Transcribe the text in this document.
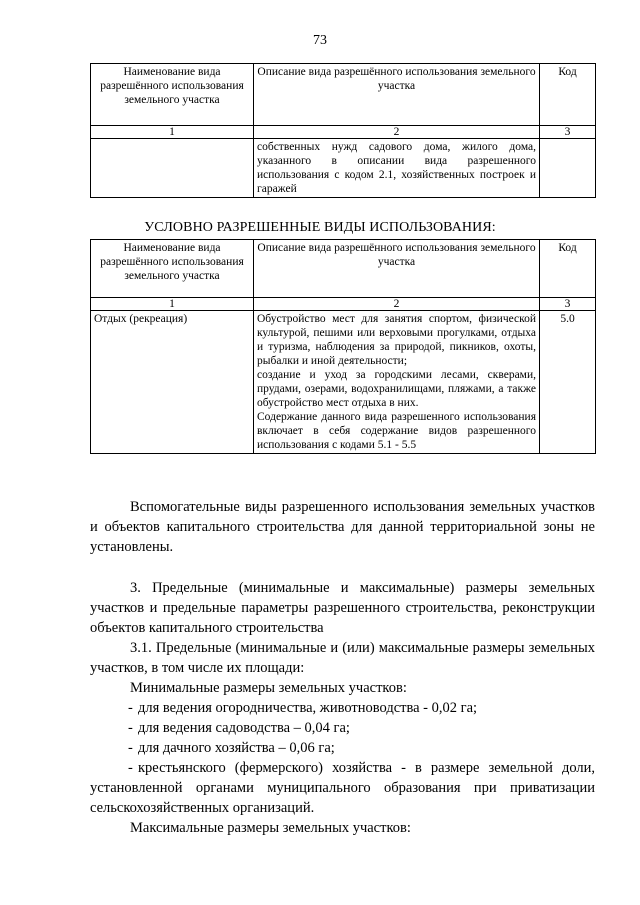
73
Наименование вида разрешённого использования земельного участка	Описание вида разрешённого использования земельного участка	Код
1	2	3
	собственных нужд садового дома, жилого дома, указанного в описании вида разрешенного использования с кодом 2.1, хозяйственных построек и гаражей	
УСЛОВНО РАЗРЕШЕННЫЕ ВИДЫ ИСПОЛЬЗОВАНИЯ:
Наименование вида разрешённого использования земельного участка	Описание вида разрешённого использования земельного участка	Код
1	2	3
Отдых (рекреация)	Обустройство мест для занятия спортом, физической культурой, пешими или верховыми прогулками, отдыха и туризма, наблюдения за природой, пикников, охоты, рыбалки и иной деятельности;
создание и уход за городскими лесами, скверами, прудами, озерами, водохранилищами, пляжами, а также обустройство мест отдыха в них.
Содержание данного вида разрешенного использования включает в себя содержание видов разрешенного использования с кодами 5.1 - 5.5	5.0

Вспомогательные виды разрешенного использования земельных участков и объектов капитального строительства для данной территориальной зоны не установлены.

3. Предельные (минимальные и максимальные) размеры земельных участков и предельные параметры разрешенного строительства, реконструкции объектов капитального строительства

3.1. Предельные (минимальные и (или) максимальные размеры земельных участков, в том числе их площади:

Минимальные размеры земельных участков:

- для ведения огородничества, животноводства - 0,02 га;

- для ведения садоводства – 0,04 га;

- для дачного хозяйства – 0,06 га;

- крестьянского (фермерского) хозяйства - в размере земельной доли, установленной органами муниципального образования при приватизации сельскохозяйственных организаций.

Максимальные размеры земельных участков:
